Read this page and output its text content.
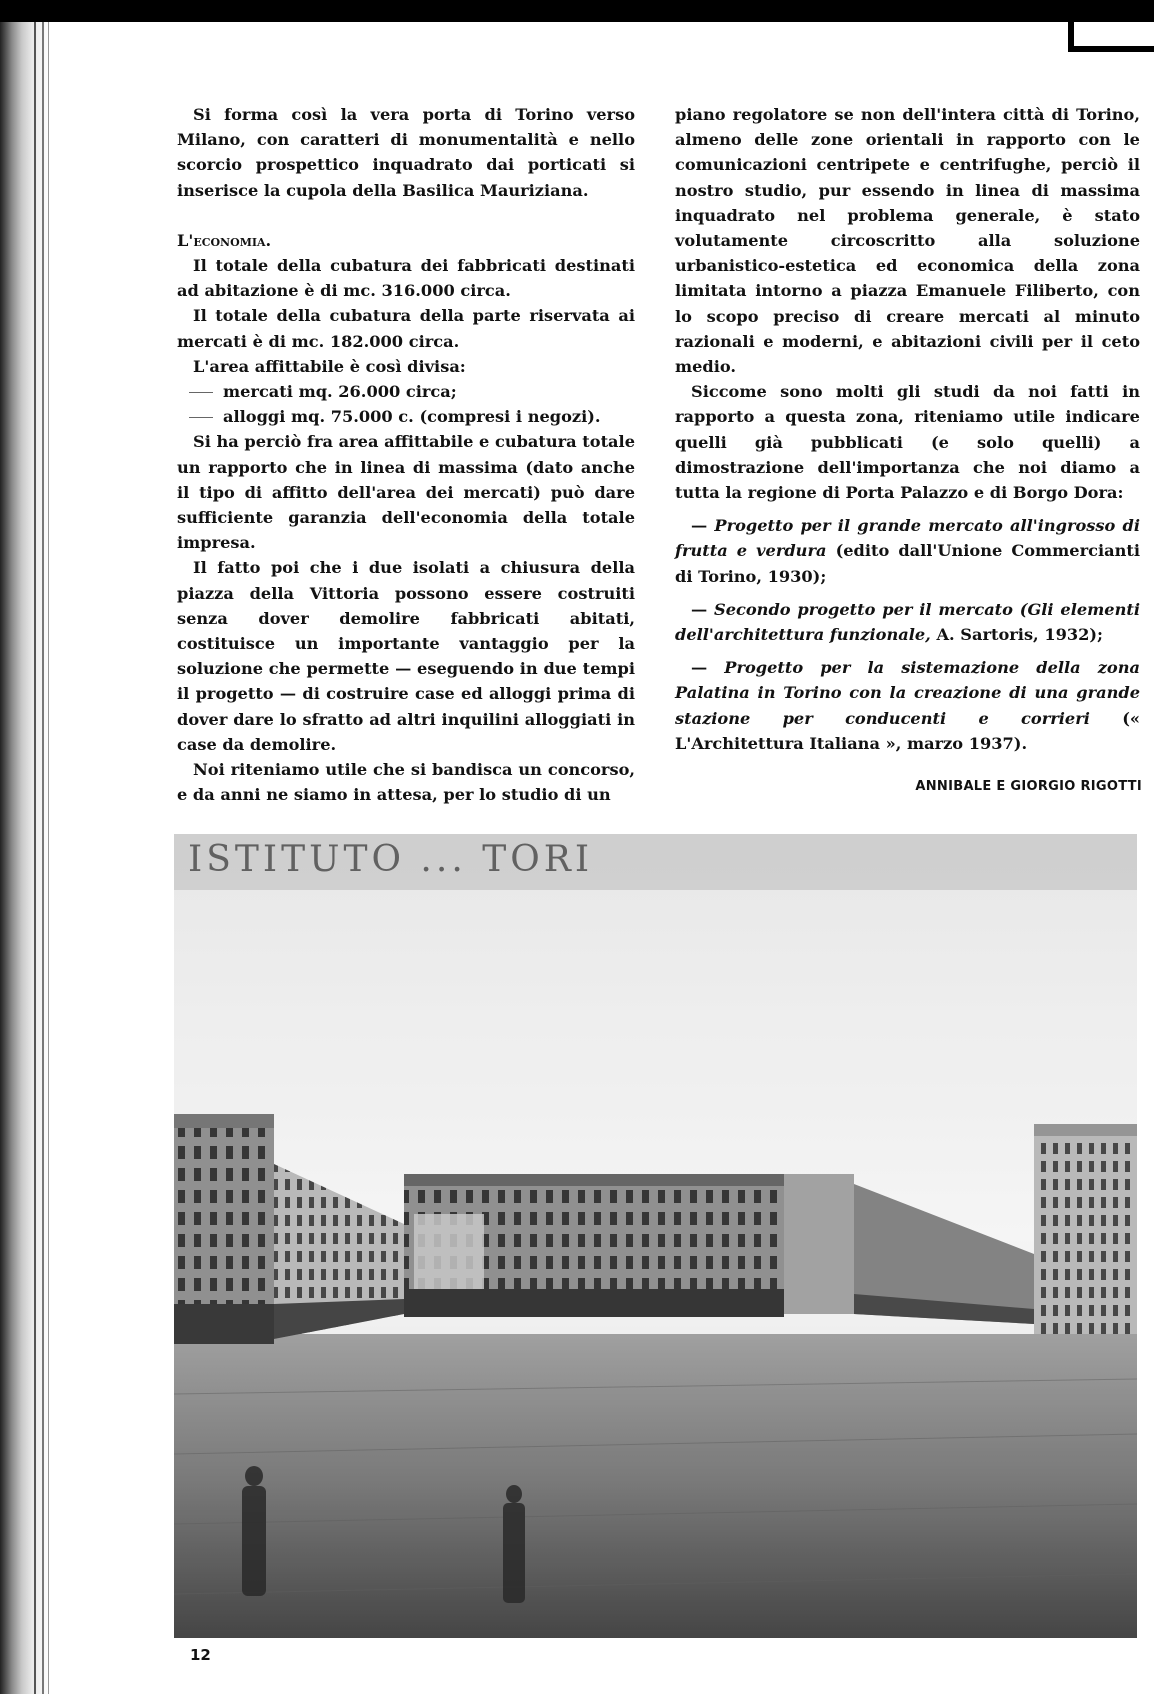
Si forma così la vera porta di Torino verso Milano, con caratteri di monumentalità e nello scorcio prospettico inquadrato dai porticati si inserisce la cupola della Basilica Mauriziana.

L'economia.

Il totale della cubatura dei fabbricati destinati ad abitazione è di mc. 316.000 circa.

Il totale della cubatura della parte riservata ai mercati è di mc. 182.000 circa.

L'area affittabile è così divisa:

mercati mq. 26.000 circa;

alloggi mq. 75.000 c. (compresi i negozi).

Si ha perciò fra area affittabile e cubatura totale un rapporto che in linea di massima (dato anche il tipo di affitto dell'area dei mercati) può dare sufficiente garanzia dell'economia della totale impresa.

Il fatto poi che i due isolati a chiusura della piazza della Vittoria possono essere costruiti senza dover demolire fabbricati abitati, costituisce un importante vantaggio per la soluzione che permette — eseguendo in due tempi il progetto — di costruire case ed alloggi prima di dover dare lo sfratto ad altri inquilini alloggiati in case da demolire.

Noi riteniamo utile che si bandisca un concorso, e da anni ne siamo in attesa, per lo studio di un

piano regolatore se non dell'intera città di Torino, almeno delle zone orientali in rapporto con le comunicazioni centripete e centrifughe, perciò il nostro studio, pur essendo in linea di massima inquadrato nel problema generale, è stato volutamente circoscritto alla soluzione urbanistico-estetica ed economica della zona limitata intorno a piazza Emanuele Filiberto, con lo scopo preciso di creare mercati al minuto razionali e moderni, e abitazioni civili per il ceto medio.

Siccome sono molti gli studi da noi fatti in rapporto a questa zona, riteniamo utile indicare quelli già pubblicati (e solo quelli) a dimostrazione dell'importanza che noi diamo a tutta la regione di Porta Palazzo e di Borgo Dora:

— Progetto per il grande mercato all'ingrosso di frutta e verdura (edito dall'Unione Commercianti di Torino, 1930);

— Secondo progetto per il mercato (Gli elementi dell'architettura funzionale, A. Sartoris, 1932);

— Progetto per la sistemazione della zona Palatina in Torino con la creazione di una grande stazione per conducenti e corrieri (« L'Architettura Italiana », marzo 1937).

ANNIBALE E GIORGIO RIGOTTI
ISTITUTO ... TORI
12
